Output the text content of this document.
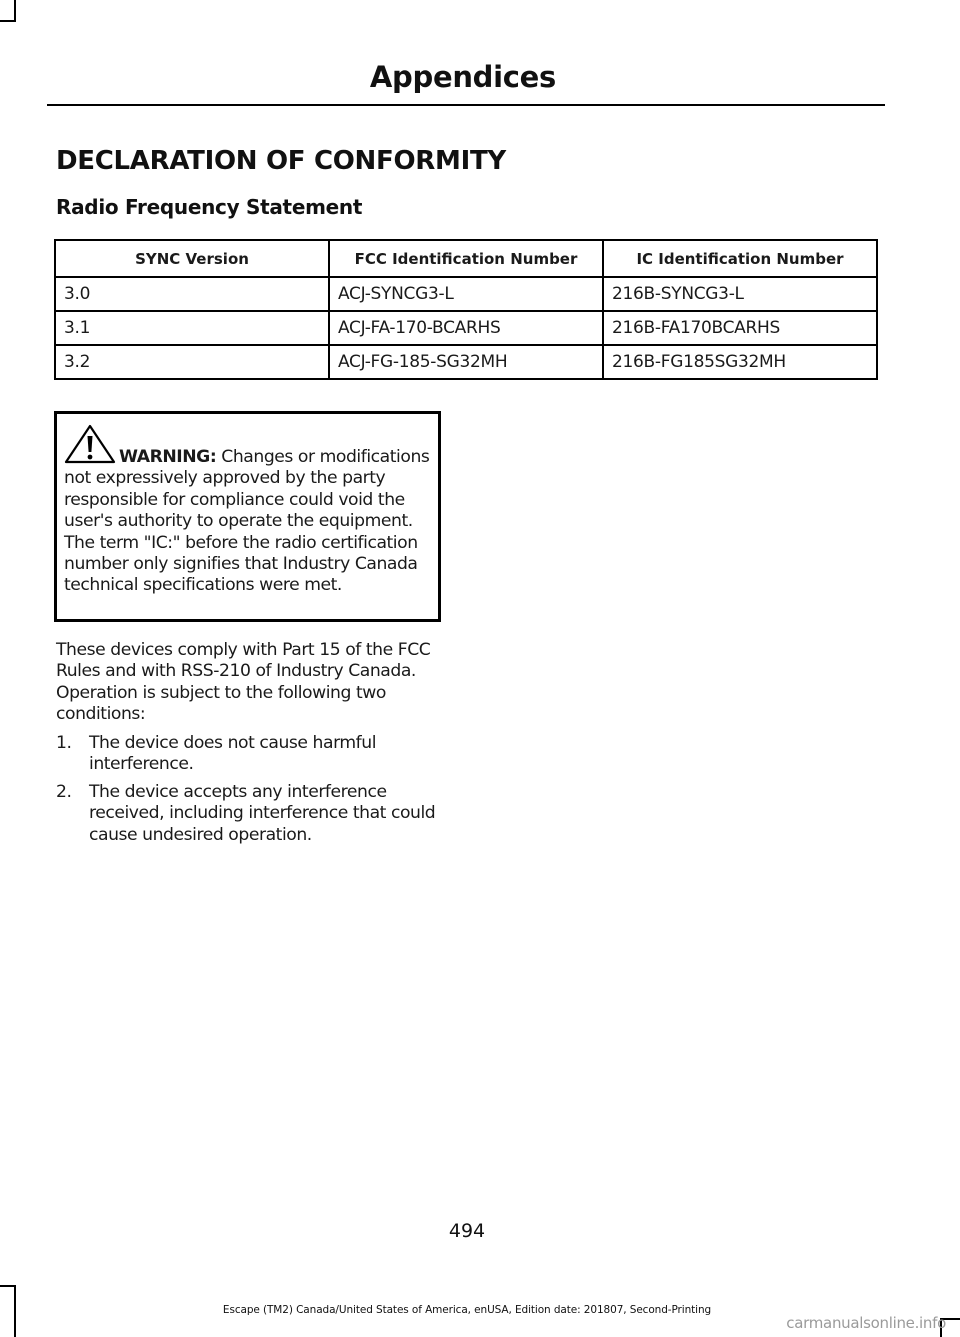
Appendices
DECLARATION OF CONFORMITY
Radio Frequency Statement
SYNC Version	FCC Identification Number	IC Identification Number
3.0	ACJ-SYNCG3-L	216B-SYNCG3-L
3.1	ACJ-FA-170-BCARHS	216B-FA170BCARHS
3.2	ACJ-FG-185-SG32MH	216B-FG185SG32MH
WARNING: Changes or modifications not expressively approved by the party responsible for compliance could void the user's authority to operate the equipment. The term "IC:" before the radio certification number only signifies that Industry Canada technical specifications were met.

These devices comply with Part 15 of the FCC Rules and with RSS-210 of Industry Canada. Operation is subject to the following two conditions:

1. The device does not cause harmful interference.
2. The device accepts any interference received, including interference that could cause undesired operation.
494
Escape (TM2) Canada/United States of America, enUSA, Edition date: 201807, Second-Printing
carmanualsonline.info
